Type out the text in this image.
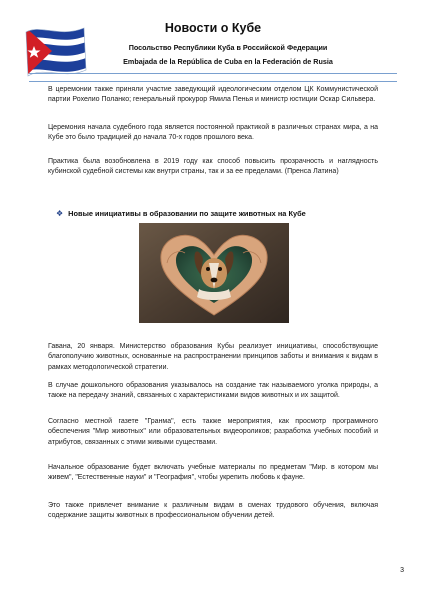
Новости о Кубе
Посольство Республики Куба в Российской Федерации
Embajada de la República de Cuba en la Federación de Rusia
В церемонии также приняли участие заведующий идеологическим отделом ЦК Коммунистической партии Рохелио Поланко; генеральный прокурор Ямила Пенья и министр юстиции Оскар Сильвера.
Церемония начала судебного года является постоянной практикой в различных странах мира, а на Кубе это было традицией до начала 70-х годов прошлого века.
Практика была возобновлена в 2019 году как способ повысить прозрачность и наглядность кубинской судебной системы как внутри страны, так и за ее пределами. (Пренса Латина)
❖ Новые инициативы в образовании по защите животных на Кубе
Гавана, 20 января. Министерство образования Кубы реализует инициативы, способствующие благополучию животных, основанные на распространении принципов заботы и внимания к видам в рамках методологической стратегии.
В случае дошкольного образования указывалось на создание так называемого уголка природы, а также на передачу знаний, связанных с характеристиками видов животных и их защитой.
Согласно местной газете "Гранма", есть также мероприятия, как просмотр программного обеспечения "Мир животных" или образовательных видеороликов; разработка учебных пособий и атрибутов, связанных с этими живыми существами.
Начальное образование будет включать учебные материалы по предметам "Мир. в котором мы живем", "Естественные науки" и "География", чтобы укрепить любовь к фауне.
Это также привлечет внимание к различным видам в сменах трудового обучения, включая содержание защиты животных в профессиональном обучении детей.
3
